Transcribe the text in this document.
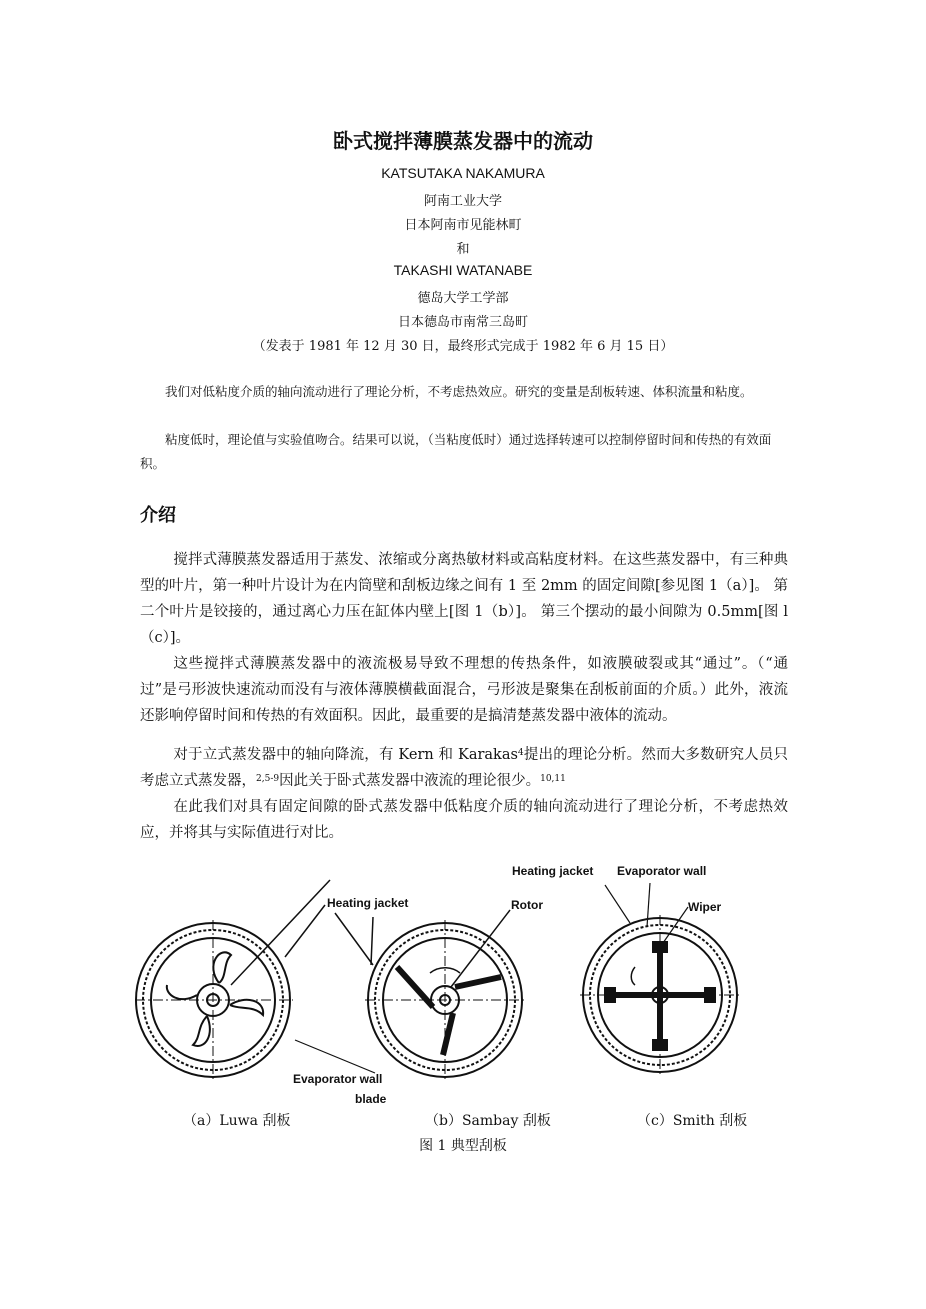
卧式搅拌薄膜蒸发器中的流动
KATSUTAKA NAKAMURA
阿南工业大学
日本阿南市见能林町
和
TAKASHI WATANABE
德岛大学工学部
日本德岛市南常三岛町
（发表于 1981 年 12 月 30 日，最终形式完成于 1982 年 6 月 15 日）
我们对低粘度介质的轴向流动进行了理论分析，不考虑热效应。研究的变量是刮板转速、体积流量和粘度。
粘度低时，理论值与实验值吻合。结果可以说，（当粘度低时）通过选择转速可以控制停留时间和传热的有效面积。
介绍
搅拌式薄膜蒸发器适用于蒸发、浓缩或分离热敏材料或高粘度材料。在这些蒸发器中，有三种典型的叶片，第一种叶片设计为在内筒壁和刮板边缘之间有 1 至 2mm 的固定间隙[参见图 1（a）]。 第二个叶片是铰接的，通过离心力压在缸体内壁上[图 1（b）]。 第三个摆动的最小间隙为 0.5mm[图 l（c）]。
这些搅拌式薄膜蒸发器中的液流极易导致不理想的传热条件，如液膜破裂或其“通过”。（“通过”是弓形波快速流动而没有与液体薄膜横截面混合，弓形波是聚集在刮板前面的介质。）此外，液流还影响停留时间和传热的有效面积。因此，最重要的是搞清楚蒸发器中液体的流动。
对于立式蒸发器中的轴向降流，有 Kern 和 Karakas$^4$提出的理论分析。然而大多数研究人员只考虑立式蒸发器，$^{2,5-9}$因此关于卧式蒸发器中液流的理论很少。$^{10,11}$
在此我们对具有固定间隙的卧式蒸发器中低粘度介质的轴向流动进行了理论分析，不考虑热效应，并将其与实际值进行对比。
Heating jacket	Rotor
Evaporator wall
blade
Heating jacket Evaporator wall
Wiper
（a）Luwa 刮板	（b）Sambay 刮板	（c）Smith 刮板
图 1 典型刮板
